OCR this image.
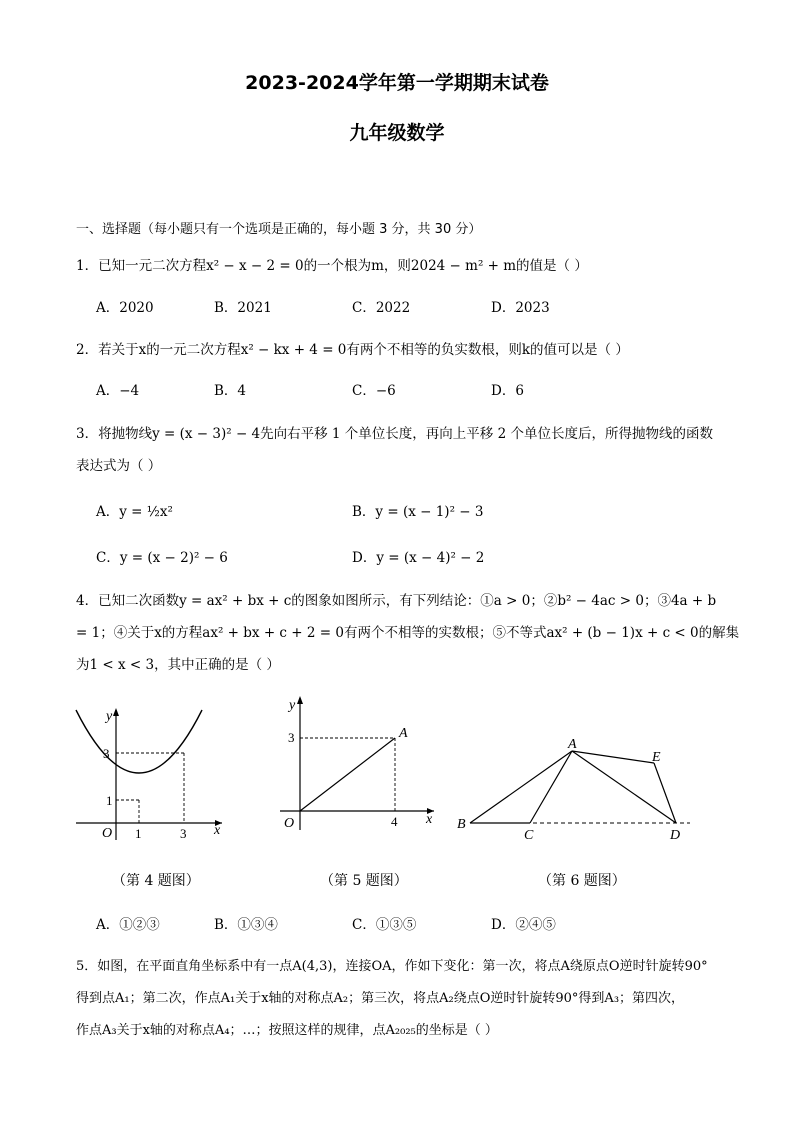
2023-2024学年第一学期期末试卷
九年级数学
一、选择题（每小题只有一个选项是正确的，每小题 3 分，共 30 分）
1．已知一元二次方程x² − x − 2 = 0的一个根为m，则2024 − m² + m的值是（ ）
A．2020	B．2021	C．2022	D．2023
2．若关于x的一元二次方程x² − kx + 4 = 0有两个不相等的负实数根，则k的值可以是（ ）
A．−4	B．4	C．−6	D．6
3．将抛物线y = (x − 3)² − 4先向右平移 1 个单位长度，再向上平移 2 个单位长度后，所得抛物线的函数
表达式为（ ）
A．y = ½x²	B．y = (x − 1)² − 3
C．y = (x − 2)² − 6	D．y = (x − 4)² − 2
4．已知二次函数y = ax² + bx + c的图象如图所示，有下列结论：①a > 0；②b² − 4ac > 0；③4a + b
= 1；④关于x的方程ax² + bx + c + 2 = 0有两个不相等的实数根；⑤不等式ax² + (b − 1)x + c < 0的解集
为1 < x < 3，其中正确的是（ ）
y
x
O 1	3
1
3
（第 4 题图）
y
x
O
A
3
4
（第 5 题图）
A
B
C	D
E
（第 6 题图）
A．①②③	B．①③④	C．①③⑤	D．②④⑤
5．如图，在平面直角坐标系中有一点A(4,3)，连接OA，作如下变化：第一次，将点A绕原点O逆时针旋转90°
得到点A₁；第二次，作点A₁关于x轴的对称点A₂；第三次，将点A₂绕点O逆时针旋转90°得到A₃；第四次，
作点A₃关于x轴的对称点A₄；…；按照这样的规律，点A₂₀₂₅的坐标是（ ）
